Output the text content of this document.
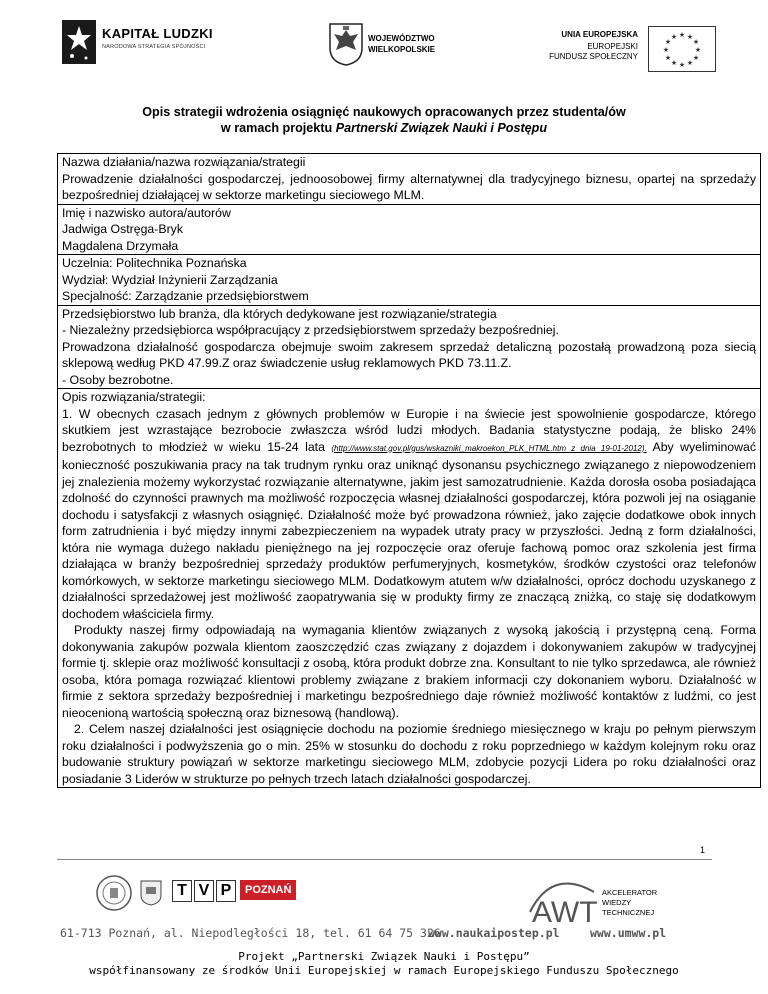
KAPITAŁ LUDZKI
NARODOWA STRATEGIA SPÓJNOŚCI
WOJEWÓDZTWO
WIELKOPOLSKIE
UNIA EUROPEJSKA
EUROPEJSKI
FUNDUSZ SPOŁECZNY
★ ★
★
★
★
★
★
★
★
★
★
★
Opis strategii wdrożenia osiągnięć naukowych opracowanych przez studenta/ów
w ramach projektu Partnerski Związek Nauki i Postępu

Nazwa działania/nazwa rozwiązania/strategii

Prowadzenie działalności gospodarczej, jednoosobowej firmy alternatywnej dla tradycyjnego biznesu, opartej na sprzedaży bezpośredniej działającej w sektorze marketingu sieciowego MLM.

Imię i nazwisko autora/autorów

Jadwiga Ostręga-Bryk

Magdalena Drzymała

Uczelnia: Politechnika Poznańska

Wydział: Wydział Inżynierii Zarządzania

Specjalność: Zarządzanie przedsiębiorstwem

Przedsiębiorstwo lub branża, dla których dedykowane jest rozwiązanie/strategia

- Niezależny przedsiębiorca współpracujący z przedsiębiorstwem sprzedaży bezpośredniej.

Prowadzona działalność gospodarcza obejmuje swoim zakresem sprzedaż detaliczną pozostałą prowadzoną poza siecią sklepową według PKD 47.99.Z oraz świadczenie usług reklamowych PKD 73.11.Z.

- Osoby bezrobotne.

Opis rozwiązania/strategii:

1. W obecnych czasach jednym z głównych problemów w Europie i na świecie jest spowolnienie gospodarcze, którego skutkiem jest wzrastające bezrobocie zwłaszcza wśród ludzi młodych. Badania statystyczne podają, że blisko 24% bezrobotnych to młodzież w wieku 15-24 lata (http://www.stat.gov.pl/gus/wskazniki_makroekon_PLK_HTML.htm z dnia 19-01-2012). Aby wyeliminować konieczność poszukiwania pracy na tak trudnym rynku oraz uniknąć dysonansu psychicznego związanego z niepowodzeniem jej znalezienia możemy wykorzystać rozwiązanie alternatywne, jakim jest samozatrudnienie. Każda dorosła osoba posiadająca zdolność do czynności prawnych ma możliwość rozpoczęcia własnej działalności gospodarczej, która pozwoli jej na osiąganie dochodu i satysfakcji z własnych osiągnięć. Działalność może być prowadzona również, jako zajęcie dodatkowe obok innych form zatrudnienia i być między innymi zabezpieczeniem na wypadek utraty pracy w przyszłości. Jedną z form działalności, która nie wymaga dużego nakładu pieniężnego na jej rozpoczęcie oraz oferuje fachową pomoc oraz szkolenia jest firma działająca w branży bezpośredniej sprzedaży produktów perfumeryjnych, kosmetyków, środków czystości oraz telefonów komórkowych, w sektorze marketingu sieciowego MLM. Dodatkowym atutem w/w działalności, oprócz dochodu uzyskanego z działalności sprzedażowej jest możliwość zaopatrywania się w produkty firmy ze znaczącą zniżką, co staję się dodatkowym dochodem właściciela firmy.

Produkty naszej firmy odpowiadają na wymagania klientów związanych z wysoką jakością i przystępną ceną. Forma dokonywania zakupów pozwala klientom zaoszczędzić czas związany z dojazdem i dokonywaniem zakupów w tradycyjnej formie tj. sklepie oraz możliwość konsultacji z osobą, która produkt dobrze zna. Konsultant to nie tylko sprzedawca, ale również osoba, która pomaga rozwiązać klientowi problemy związane z brakiem informacji czy dokonaniem wyboru. Działalność w firmie z sektora sprzedaży bezpośredniej i marketingu bezpośredniego daje również możliwość kontaktów z ludźmi, co jest nieocenioną wartością społeczną oraz biznesową (handlową).

2. Celem naszej działalności jest osiągnięcie dochodu na poziomie średniego miesięcznego w kraju po pełnym pierwszym roku działalności i podwyższenia go o min. 25% w stosunku do dochodu z roku poprzedniego w każdym kolejnym roku oraz budowanie struktury powiązań w sektorze marketingu sieciowego MLM, zdobycie pozycji Lidera po roku działalności oraz posiadanie 3 Liderów w strukturze po pełnych trzech latach działalności gospodarczej.

1
T V P POZNAŃ
AWT
AKCELERATOR
WIEDZY
TECHNICZNEJ
61-713 Poznań, al. Niepodległości 18, tel. 61 64 75 326
www.naukaipostep.pl	www.umww.pl
Projekt „Partnerski Związek Nauki i Postępu”
współfinansowany ze środków Unii Europejskiej w ramach Europejskiego Funduszu Społecznego
